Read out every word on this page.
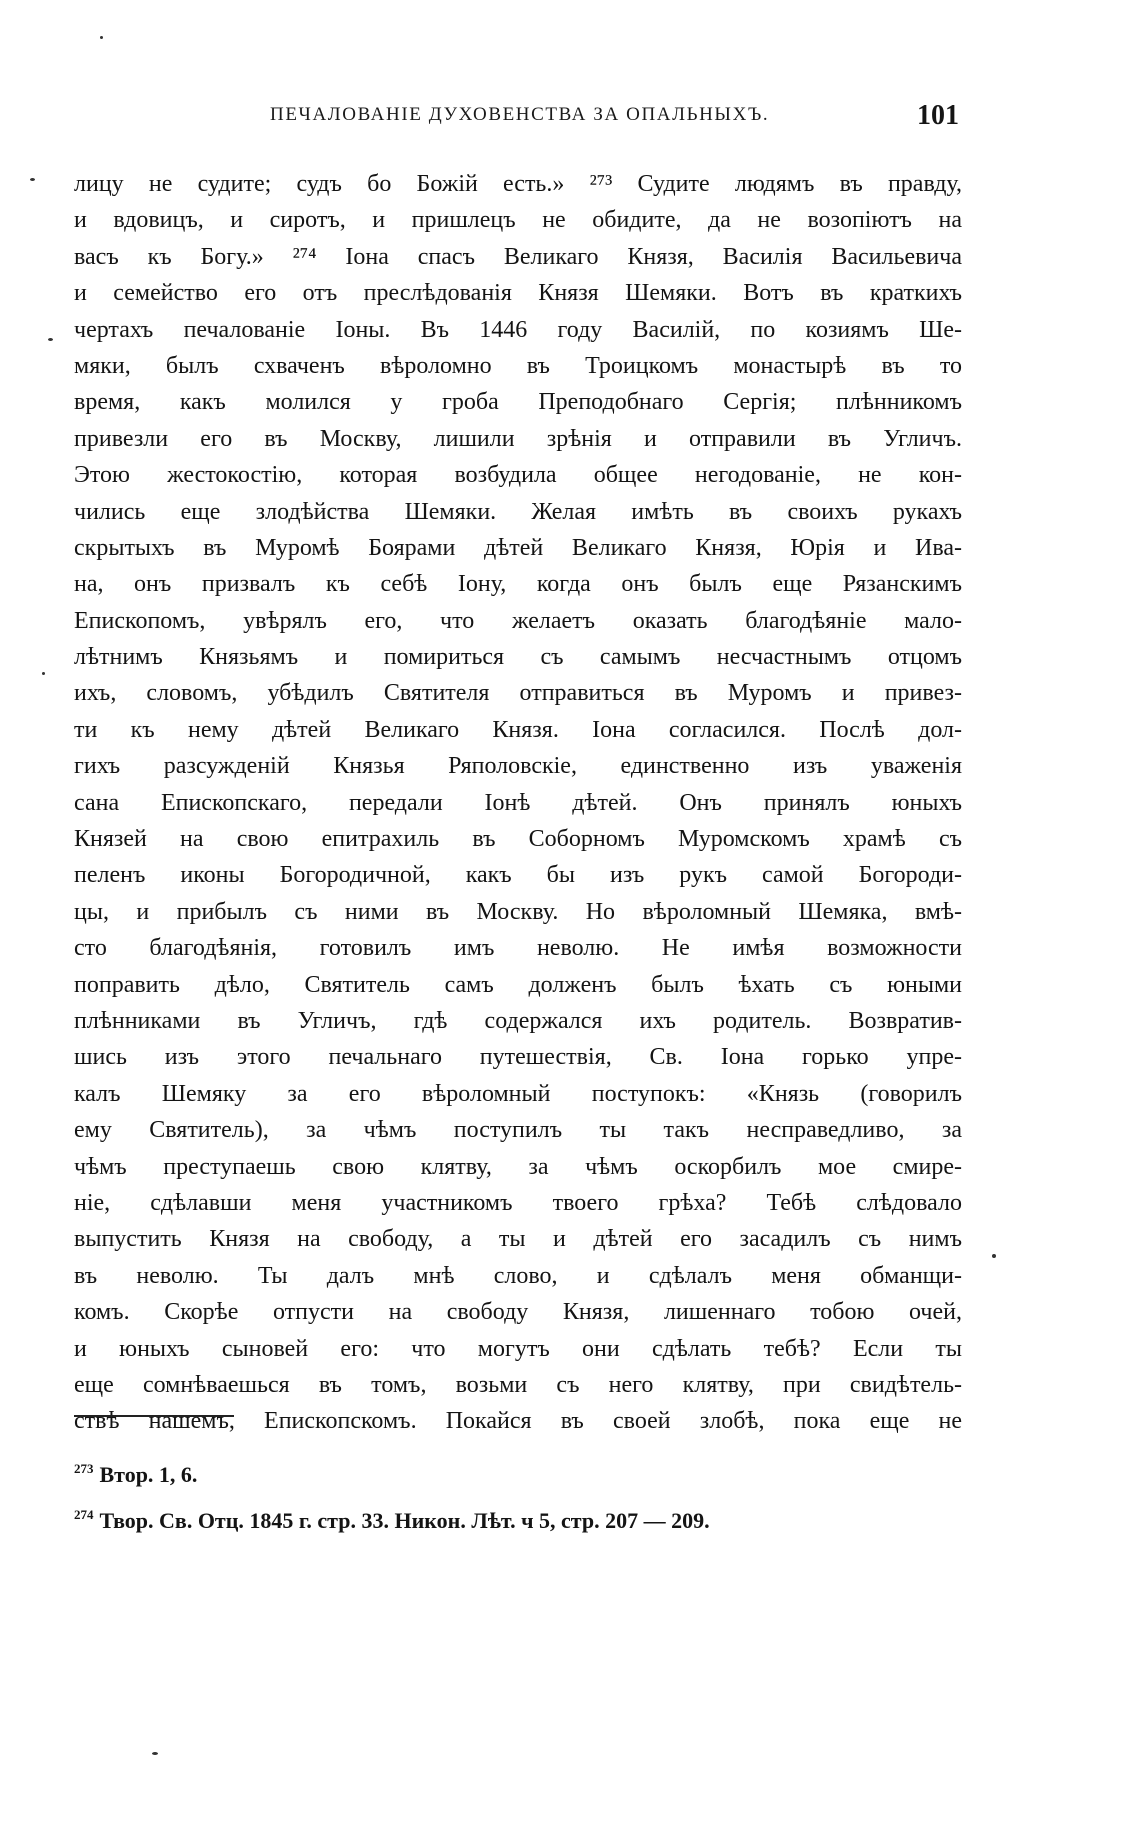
ПЕЧАЛОВАНІЕ ДУХОВЕНСТВА ЗА ОПАЛЬНЫХЪ.	101
лицу не судите; судъ бо Божій есть.» ²⁷³ Судите людямъ въ правду,
и вдовицъ, и сиротъ, и пришлецъ не обидите, да не возопіютъ на
васъ къ Богу.» ²⁷⁴ Іона спасъ Великаго Князя, Василія Васильевича
и семейство его отъ преслѣдованія Князя Шемяки. Вотъ въ краткихъ
чертахъ печалованіе Іоны. Въ 1446 году Василій, по козиямъ Ше-
мяки, былъ схваченъ вѣроломно въ Троицкомъ монастырѣ въ то
время, какъ молился у гроба Преподобнаго Сергія; плѣнникомъ
привезли его въ Москву, лишили зрѣнія и отправили въ Угличъ.
Этою жестокостію, которая возбудила общее негодованіе, не кон-
чились еще злодѣйства Шемяки. Желая имѣть въ своихъ рукахъ
скрытыхъ въ Муромѣ Боярами дѣтей Великаго Князя, Юрія и Ива-
на, онъ призвалъ къ себѣ Іону, когда онъ былъ еще Рязанскимъ
Епископомъ, увѣрялъ его, что желаетъ оказать благодѣяніе мало-
лѣтнимъ Князьямъ и помириться съ самымъ несчастнымъ отцомъ
ихъ, словомъ, убѣдилъ Святителя отправиться въ Муромъ и привез-
ти къ нему дѣтей Великаго Князя. Іона согласился. Послѣ дол-
гихъ разсужденій Князья Ряполовскіе, единственно изъ уваженія
сана Епископскаго, передали Іонѣ дѣтей. Онъ принялъ юныхъ
Князей на свою епитрахиль въ Соборномъ Муромскомъ храмѣ съ
пеленъ иконы Богородичной, какъ бы изъ рукъ самой Богороди-
цы, и прибылъ съ ними въ Москву. Но вѣроломный Шемяка, вмѣ-
сто благодѣянія, готовилъ имъ неволю. Не имѣя возможности
поправить дѣло, Святитель самъ долженъ былъ ѣхать съ юными
плѣнниками въ Угличъ, гдѣ содержался ихъ родитель. Возвратив-
шись изъ этого печальнаго путешествія, Св. Іона горько упре-
калъ Шемяку за его вѣроломный поступокъ: «Князь (говорилъ
ему Святитель), за чѣмъ поступилъ ты такъ несправедливо, за
чѣмъ преступаешь свою клятву, за чѣмъ оскорбилъ мое смире-
ніе, сдѣлавши меня участникомъ твоего грѣха? Тебѣ слѣдовало
выпустить Князя на свободу, а ты и дѣтей его засадилъ съ нимъ
въ неволю. Ты далъ мнѣ слово, и сдѣлалъ меня обманщи-
комъ. Скорѣе отпусти на свободу Князя, лишеннаго тобою очей,
и юныхъ сыновей его: что могутъ они сдѣлать тебѣ? Если ты
еще сомнѣваешься въ томъ, возьми съ него клятву, при свидѣтель-
ствѣ нашемъ, Епископскомъ. Покайся въ своей злобѣ, пока еще не
$^{273}$ Втор. 1, 6.
$^{274}$ Твор. Св. Отц. 1845 г. стр. 33. Никон. Лѣт. ч 5, стр. 207 — 209.
